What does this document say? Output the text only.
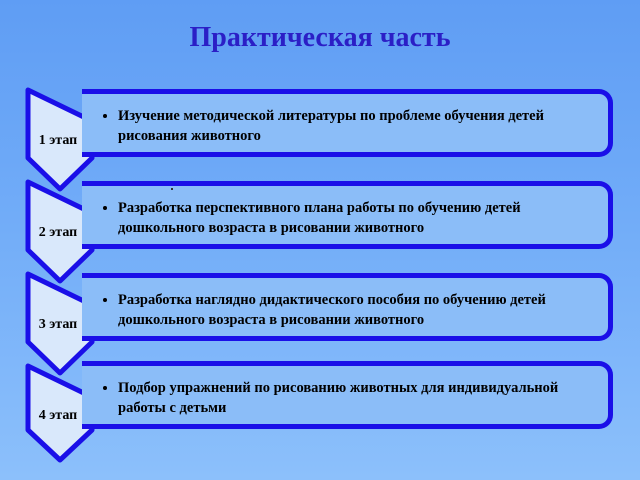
Практическая часть
• Изучение методической литературы по проблеме обучения детей рисования животного
• Разработка перспективного плана работы по обучению детей дошкольного возраста в рисовании животного
• Разработка наглядно дидактического пособия по обучению детей дошкольного возраста в рисовании животного
• Подбор упражнений по рисованию животных для индивидуальной работы с детьми
1 этап
2 этап
3 этап
4 этап
